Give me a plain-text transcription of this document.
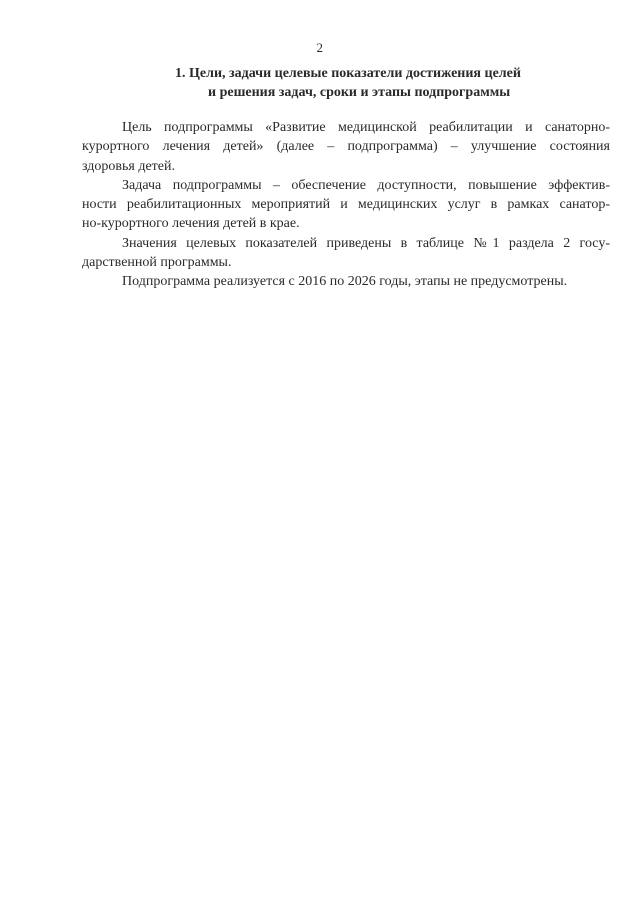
2
1. Цели, задачи целевые показатели достижения целей
и решения задач, сроки и этапы подпрограммы

Цель подпрограммы «Развитие медицинской реабилитации и санаторно-
курортного лечения детей» (далее – подпрограмма) – улучшение состояния
здоровья детей.

Задача подпрограммы – обеспечение доступности, повышение эффектив-
ности реабилитационных мероприятий и медицинских услуг в рамках санатор-
но-курортного лечения детей в крае.

Значения целевых показателей приведены в таблице №1 раздела 2 госу-
дарственной программы.

Подпрограмма реализуется с 2016 по 2026 годы, этапы не предусмотрены.
